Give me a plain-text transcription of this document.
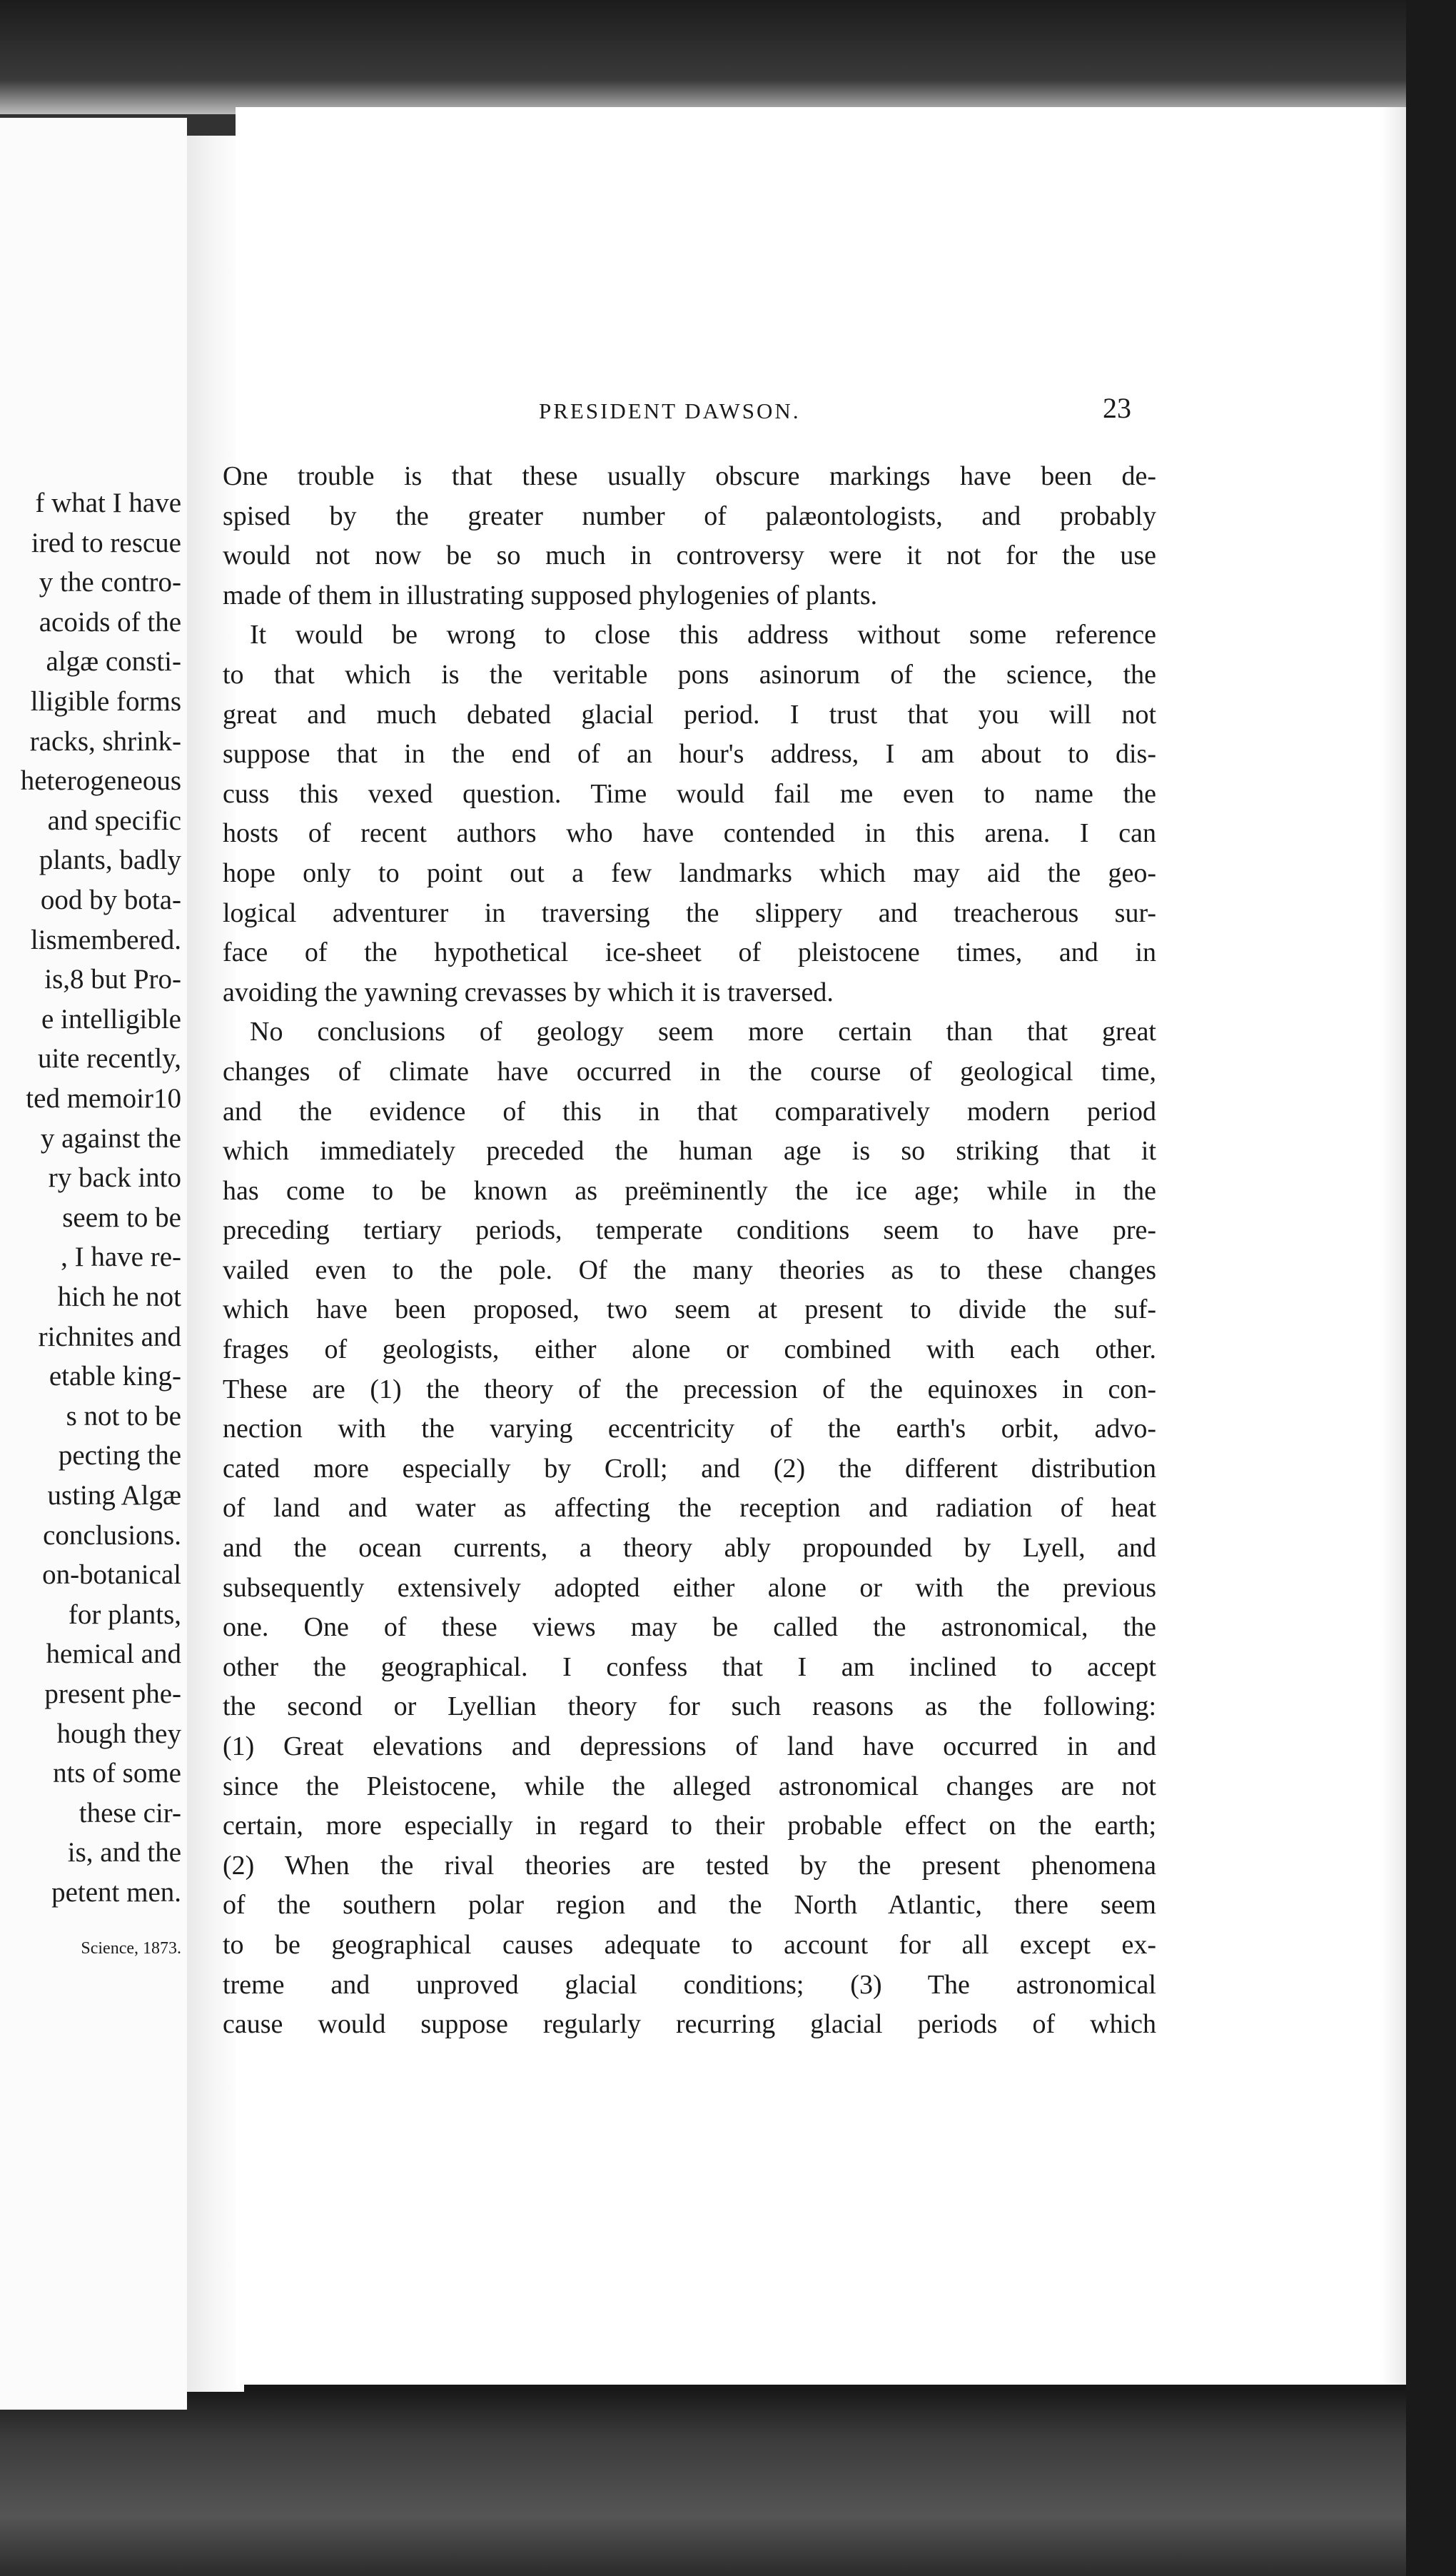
f what I have
ired to rescue
y the contro-
acoids of the
algæ consti-
lligible forms
racks, shrink-
heterogeneous
and specific
plants, badly
ood by bota-
lismembered.
is,8 but Pro-
e intelligible
uite recently,
ted memoir10
y against the
ry back into
seem to be
, I have re-
hich he not
richnites and
etable king-
s not to be
pecting the
usting Algæ
conclusions.
on-botanical
for plants,
hemical and
present phe-
hough they
nts of some
these cir-
is, and the
petent men.
Science, 1873.
PRESIDENT DAWSON.	23
One trouble is that these usually obscure markings have been de-
spised by the greater number of palæontologists, and probably
would not now be so much in controversy were it not for the use
made of them in illustrating supposed phylogenies of plants.
It would be wrong to close this address without some reference
to that which is the veritable pons asinorum of the science, the
great and much debated glacial period. I trust that you will not
suppose that in the end of an hour's address, I am about to dis-
cuss this vexed question. Time would fail me even to name the
hosts of recent authors who have contended in this arena. I can
hope only to point out a few landmarks which may aid the geo-
logical adventurer in traversing the slippery and treacherous sur-
face of the hypothetical ice-sheet of pleistocene times, and in
avoiding the yawning crevasses by which it is traversed.
No conclusions of geology seem more certain than that great
changes of climate have occurred in the course of geological time,
and the evidence of this in that comparatively modern period
which immediately preceded the human age is so striking that it
has come to be known as preëminently the ice age; while in the
preceding tertiary periods, temperate conditions seem to have pre-
vailed even to the pole. Of the many theories as to these changes
which have been proposed, two seem at present to divide the suf-
frages of geologists, either alone or combined with each other.
These are (1) the theory of the precession of the equinoxes in con-
nection with the varying eccentricity of the earth's orbit, advo-
cated more especially by Croll; and (2) the different distribution
of land and water as affecting the reception and radiation of heat
and the ocean currents, a theory ably propounded by Lyell, and
subsequently extensively adopted either alone or with the previous
one. One of these views may be called the astronomical, the
other the geographical. I confess that I am inclined to accept
the second or Lyellian theory for such reasons as the following:
(1) Great elevations and depressions of land have occurred in and
since the Pleistocene, while the alleged astronomical changes are not
certain, more especially in regard to their probable effect on the earth;
(2) When the rival theories are tested by the present phenomena
of the southern polar region and the North Atlantic, there seem
to be geographical causes adequate to account for all except ex-
treme and unproved glacial conditions; (3) The astronomical
cause would suppose regularly recurring glacial periods of which
